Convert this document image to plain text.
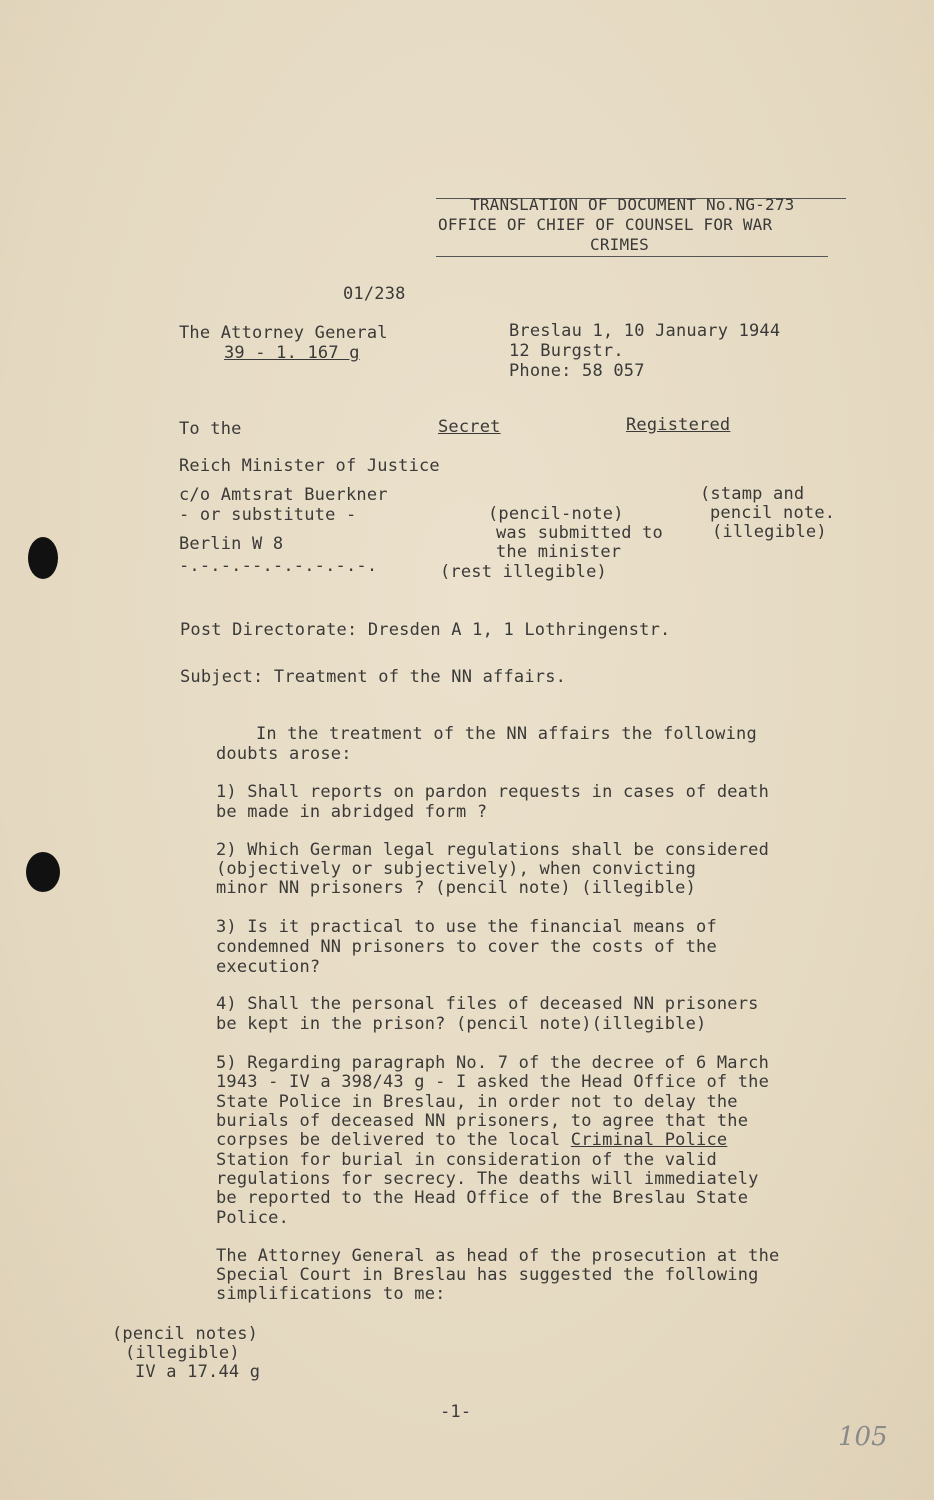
TRANSLATION OF DOCUMENT No.NG-273
OFFICE OF CHIEF OF COUNSEL FOR WAR
CRIMES
01/238
The Attorney General
39 - 1. 167 g
Breslau 1, 10 January 1944
12 Burgstr.
Phone: 58 057
To the	Secret	Registered
Reich Minister of Justice
c/o Amtsrat Buerkner
- or substitute -
Berlin W 8
-.-.-.--.-.-.-.-.-.
(pencil-note)
was submitted to
the minister
(rest illegible)
(stamp and
pencil note.
(illegible)
Post Directorate: Dresden A 1, 1 Lothringenstr.
Subject: Treatment of the NN affairs.
In the treatment of the NN affairs the following
doubts arose:
1) Shall reports on pardon requests in cases of death
be made in abridged form ?
2) Which German legal regulations shall be considered
(objectively or subjectively), when convicting
minor NN prisoners ? (pencil note) (illegible)
3) Is it practical to use the financial means of
condemned NN prisoners to cover the costs of the
execution?
4) Shall the personal files of deceased NN prisoners
be kept in the prison? (pencil note)(illegible)
5) Regarding paragraph No. 7 of the decree of 6 March
1943 - IV a 398/43 g - I asked the Head Office of the
State Police in Breslau, in order not to delay the
burials of deceased NN prisoners, to agree that the
corpses be delivered to the local Criminal Police
Station for burial in consideration of the valid
regulations for secrecy. The deaths will immediately
be reported to the Head Office of the Breslau State
Police.
The Attorney General as head of the prosecution at the
Special Court in Breslau has suggested the following
simplifications to me:
(pencil notes)
(illegible)
IV a 17.44 g
-1-
105
